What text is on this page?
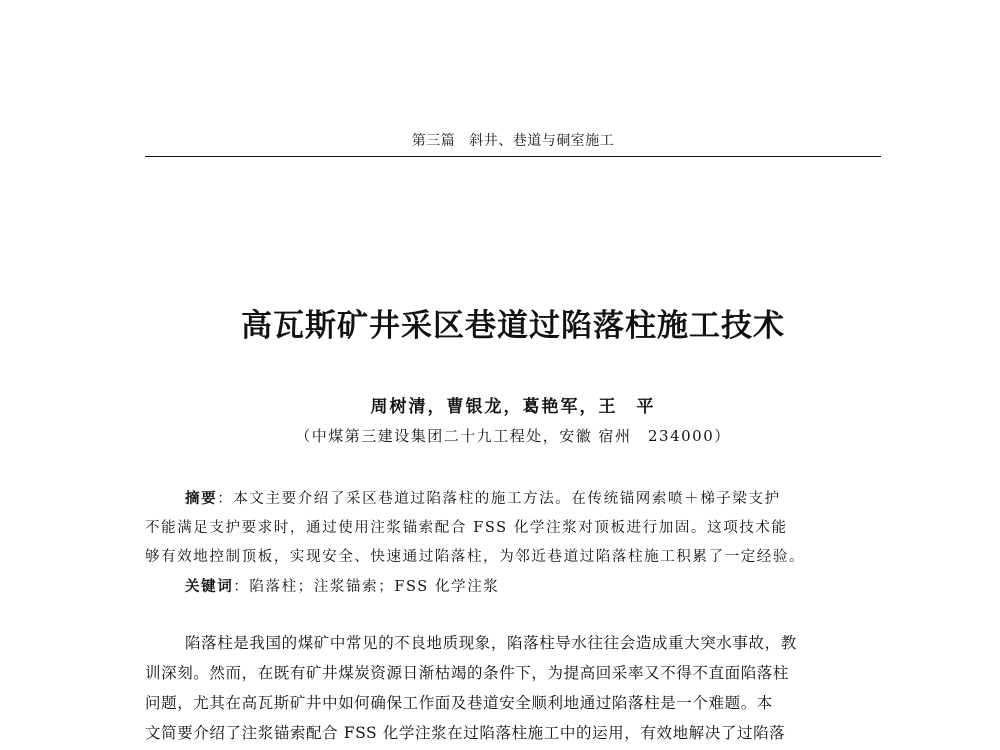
第三篇 斜井、巷道与硐室施工
高瓦斯矿井采区巷道过陷落柱施工技术
周树清，曹银龙，葛艳军，王　平
（中煤第三建设集团二十九工程处，安徽 宿州　234000）
摘要：本文主要介绍了采区巷道过陷落柱的施工方法。在传统锚网索喷＋梯子梁支护
不能满足支护要求时，通过使用注浆锚索配合 FSS 化学注浆对顶板进行加固。这项技术能
够有效地控制顶板，实现安全、快速通过陷落柱，为邻近巷道过陷落柱施工积累了一定经验。
关键词：陷落柱；注浆锚索；FSS 化学注浆
陷落柱是我国的煤矿中常见的不良地质现象，陷落柱导水往往会造成重大突水事故，教
训深刻。然而，在既有矿井煤炭资源日渐枯竭的条件下，为提高回采率又不得不直面陷落柱
问题，尤其在高瓦斯矿井中如何确保工作面及巷道安全顺利地通过陷落柱是一个难题。本
文简要介绍了注浆锚索配合 FSS 化学注浆在过陷落柱施工中的运用，有效地解决了过陷落
